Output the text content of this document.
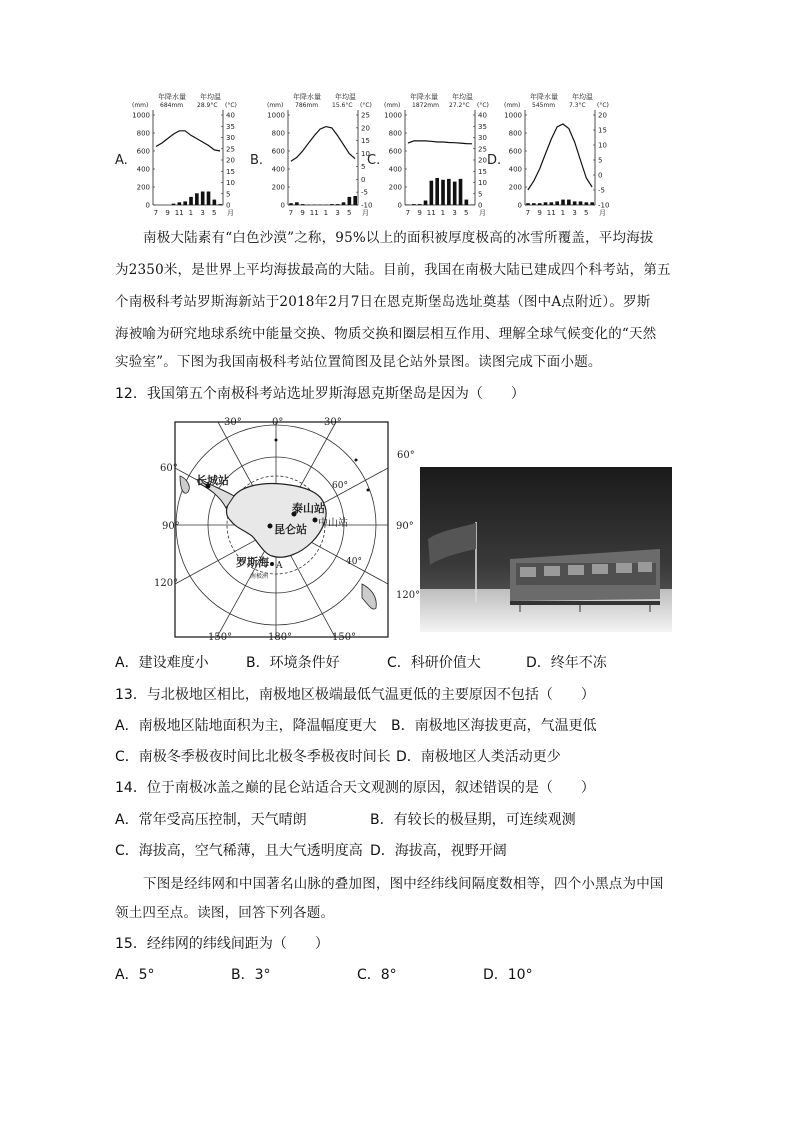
A.
年降水量 年均温
(mm) 684mm 28.9°C (°C)
1000
800
600
400
200
0
40
35
30
25
20
15
10
5
0
7 9 11 1 3 5 月
B.
年降水量 年均温
(mm) 786mm 15.6°C (°C)
1000
800
600
400
200
0
25
20
15
10
5
0
-5
-10
7 9 11 1 3 5 月
C.
年降水量 年均温
(mm) 1872mm 27.2°C (°C)
1000
800
600
400
200
0
40
35
30
25
20
15
10
5
0
7 9 11 1 3 5 月
D.
年降水量 年均温
(mm) 545mm 7.3°C (°C)
1000
800
600
400
200
0
20
15
10
5
0
-5
-10
7 9 11 1 3 5 月
南极大陆素有“白色沙漠”之称，95%以上的面积被厚度极高的冰雪所覆盖，平均海拔
为2350米，是世界上平均海拔最高的大陆。目前，我国在南极大陆已建成四个科考站，第五
个南极科考站罗斯海新站于2018年2月7日在恩克斯堡岛选址奠基（图中A点附近）。罗斯
海被喻为研究地球系统中能量交换、物质交换和圈层相互作用、理解全球气候变化的“天然
实验室”。下图为我国南极科考站位置简图及昆仑站外景图。读图完成下面小题。
12．我国第五个南极科考站选址罗斯海恩克斯堡岛是因为（　　）
30°	0°	30°
60°
60°
90°	90°
120°
120°
150°	180°	150°
长城站
泰山站
中山站
昆仑站
罗斯海 A
60°
40°
南极洲
A．建设难度小	B．环境条件好	C．科研价值大	D．终年不冻
13．与北极地区相比，南极地区极端最低气温更低的主要原因不包括（　　）
A．南极地区陆地面积为主，降温幅度更大 B．南极地区海拔更高，气温更低
C．南极冬季极夜时间比北极冬季极夜时间长 D．南极地区人类活动更少
14．位于南极冰盖之巅的昆仑站适合天文观测的原因，叙述错误的是（　　）
A．常年受高压控制，天气晴朗	B．有较长的极昼期，可连续观测
C．海拔高，空气稀薄，且大气透明度高 D．海拔高，视野开阔
下图是经纬网和中国著名山脉的叠加图，图中经纬线间隔度数相等，四个小黑点为中国
领土四至点。读图，回答下列各题。
15．经纬网的纬线间距为（　　）
A．5°	B．3°	C．8°	D．10°
